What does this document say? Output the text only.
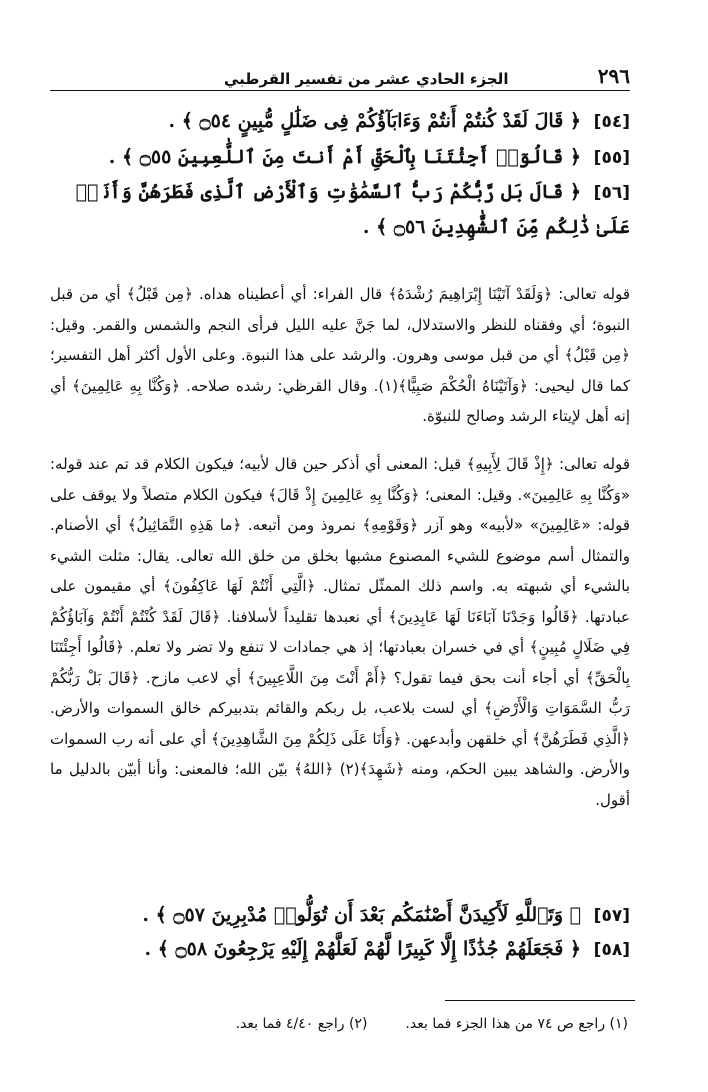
٢٩٦
الجزء الحادي عشر من تفسير القرطبي
[٥٤] ﴿ قَالَ لَقَدْ كُنتُمْ أَنتُمْ وَءَابَآؤُكُمْ فِى ضَلَٰلٍ مُّبِينٍ ۝٥٤ ﴾ .
[٥٥] ﴿ قَالُوٓا۟ أَجِئْتَنَا بِٱلْحَقِّ أَمْ أَنتَ مِنَ ٱللَّٰعِبِينَ ۝٥٥ ﴾ .
[٥٦] ﴿ قَالَ بَل رَّبُّكُمْ رَبُّ ٱلسَّمَٰوَٰتِ وَٱلْأَرْضِ ٱلَّذِى فَطَرَهُنَّ وَأَنَا۠ عَلَىٰ ذَٰلِكُم مِّنَ ٱلشَّٰهِدِينَ ۝٥٦ ﴾ .

قوله تعالى: ﴿وَلَقَدْ آتَيْنَا إِبْرَاهِيمَ رُشْدَهُ﴾ قال الفراء: أي أعطيناه هداه. ﴿مِن قَبْلُ﴾ أي من قبل النبوة؛ أي وفقناه للنظر والاستدلال، لما جَنَّ عليه الليل فرأى النجم والشمس والقمر. وقيل: ﴿مِن قَبْلُ﴾ أي من قبل موسى وهرون. والرشد على هذا النبوة. وعلى الأول أكثر أهل التفسير؛ كما قال ليحيى: ﴿وَآتَيْنَاهُ الْحُكْمَ صَبِيًّا﴾(١). وقال القرظي: رشده صلاحه. ﴿وَكُنَّا بِهِ عَالِمِينَ﴾ أي إنه أهل لإيتاء الرشد وصالح للنبوّة.

قوله تعالى: ﴿إِذْ قَالَ لِأَبِيهِ﴾ قيل: المعنى أي أذكر حين قال لأبيه؛ فيكون الكلام قد تم عند قوله: «وَكُنَّا بِهِ عَالِمِينَ». وقيل: المعنى؛ ﴿وَكُنَّا بِهِ عَالِمِينَ إِذْ قَالَ﴾ فيكون الكلام متصلاً ولا يوقف على قوله: «عَالِمِينَ» «لأبيه» وهو آزر ﴿وَقَوْمِهِ﴾ نمروذ ومن أتبعه. ﴿ما هَذِهِ التَّمَاثِيلُ﴾ أي الأصنام. والتمثال أسم موضوع للشيء المصنوع مشبها بخلق من خلق الله تعالى. يقال: مثلت الشيء بالشيء أي شبهته به. واسم ذلك الممثّل تمثال. ﴿الَّتِي أَنْتُمْ لَهَا عَاكِفُونَ﴾ أي مقيمون على عبادتها. ﴿قَالُوا وَجَدْنَا آبَاءَنَا لَهَا عَابِدِينَ﴾ أي نعبدها تقليداً لأسلافنا. ﴿قَالَ لَقَدْ كُنْتُمْ أَنْتُمْ وَآبَاؤُكُمْ فِي ضَلَالٍ مُبِينٍ﴾ أي في خسران بعبادتها؛ إذ هي جمادات لا تنفع ولا تضر ولا تعلم. ﴿قَالُوا أَجِئْتَنَا بِالْحَقِّ﴾ أي أجاء أنت بحق فيما تقول؟ ﴿أَمْ أَنْتَ مِنَ اللَّاعِبِينَ﴾ أي لاعب مازح. ﴿قَالَ بَلْ رَبُّكُمْ رَبُّ السَّمَوَاتِ وَالْأَرْضِ﴾ أي لست بلاعب، بل ربكم والقائم بتدبيركم خالق السموات والأرض. ﴿الَّذِي فَطَرَهُنَّ﴾ أي خلقهن وأبدعهن. ﴿وَأَنَا عَلَى ذَلِكُمْ مِنَ الشَّاهِدِينَ﴾ أي على أنه رب السموات والأرض. والشاهد يبين الحكم، ومنه ﴿شَهِدَ﴾(٢) ﴿اللهُ﴾ بيّن الله؛ فالمعنى: وأنا أبيّن بالدليل ما أقول.

[٥٧] ﴿ وَتَٱللَّهِ لَأَكِيدَنَّ أَصْنَٰمَكُم بَعْدَ أَن تُوَلُّوا۟ مُدْبِرِينَ ۝٥٧ ﴾ .
[٥٨] ﴿ فَجَعَلَهُمْ جُذَٰذًا إِلَّا كَبِيرًا لَّهُمْ لَعَلَّهُمْ إِلَيْهِ يَرْجِعُونَ ۝٥٨ ﴾ .
(١) راجع ص ٧٤ من هذا الجزء فما بعد.
(٢) راجع ٤/٤٠ فما بعد.
